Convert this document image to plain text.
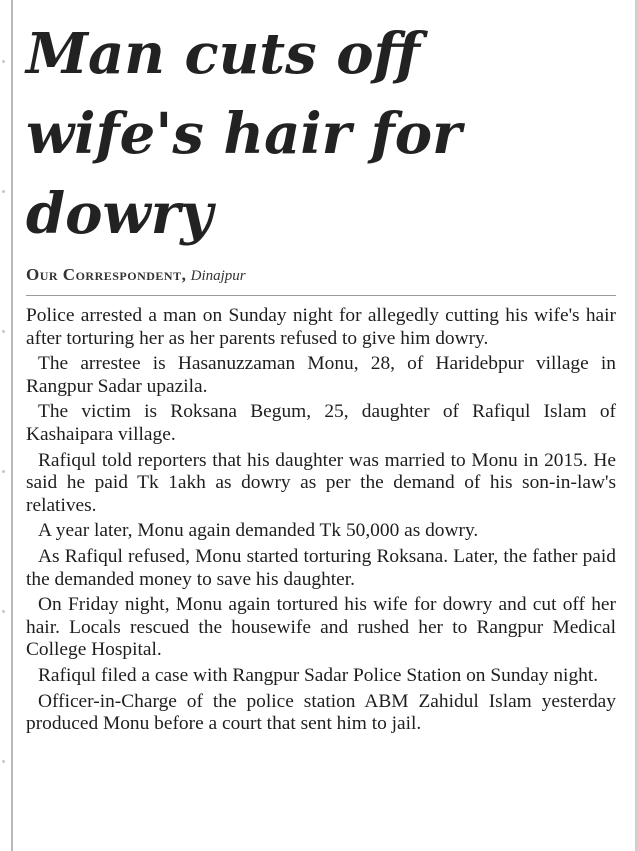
Man cuts off wife's hair for dowry
Our Correspondent, Dinajpur

Police arrested a man on Sunday night for allegedly cutting his wife's hair after torturing her as her parents refused to give him dowry.

The arrestee is Hasanuzzaman Monu, 28, of Haridebpur village in Rangpur Sadar upazila.

The victim is Roksana Begum, 25, daughter of Rafiqul Islam of Kashaipara village.

Rafiqul told reporters that his daughter was married to Monu in 2015. He said he paid Tk 1akh as dowry as per the demand of his son-in-law's relatives.

A year later, Monu again demanded Tk 50,000 as dowry.

As Rafiqul refused, Monu started torturing Roksana. Later, the father paid the demanded money to save his daughter.

On Friday night, Monu again tortured his wife for dowry and cut off her hair. Locals rescued the housewife and rushed her to Rangpur Medical College Hospital.

Rafiqul filed a case with Rangpur Sadar Police Station on Sunday night.

Officer-in-Charge of the police station ABM Zahidul Islam yesterday produced Monu before a court that sent him to jail.
